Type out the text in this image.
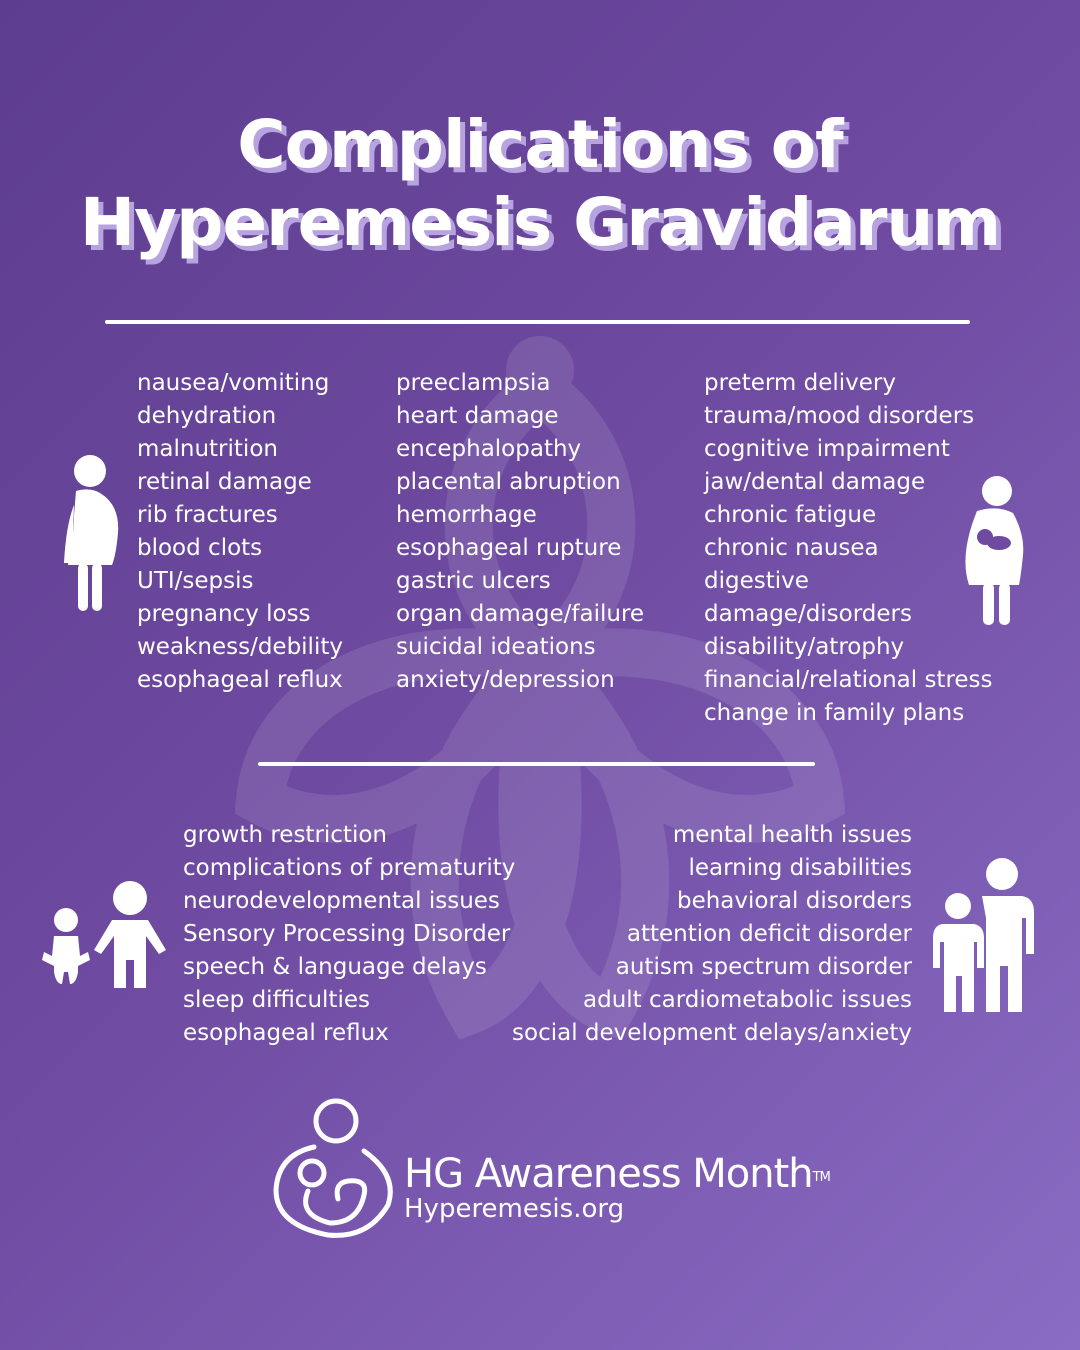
Complications of
Hyperemesis Gravidarum
nausea/vomiting
dehydration
malnutrition
retinal damage
rib fractures
blood clots
UTI/sepsis
pregnancy loss
weakness/debility
esophageal reflux
preeclampsia
heart damage
encephalopathy
placental abruption
hemorrhage
esophageal rupture
gastric ulcers
organ damage/failure
suicidal ideations
anxiety/depression
preterm delivery
trauma/mood disorders
cognitive impairment
jaw/dental damage
chronic fatigue
chronic nausea
digestive
damage/disorders
disability/atrophy
financial/relational stress
change in family plans
growth restriction
complications of prematurity
neurodevelopmental issues
Sensory Processing Disorder
speech & language delays
sleep difficulties
esophageal reflux
mental health issues
learning disabilities
behavioral disorders
attention deficit disorder
autism spectrum disorder
adult cardiometabolic issues
social development delays/anxiety
HG Awareness Month™
Hyperemesis.org
